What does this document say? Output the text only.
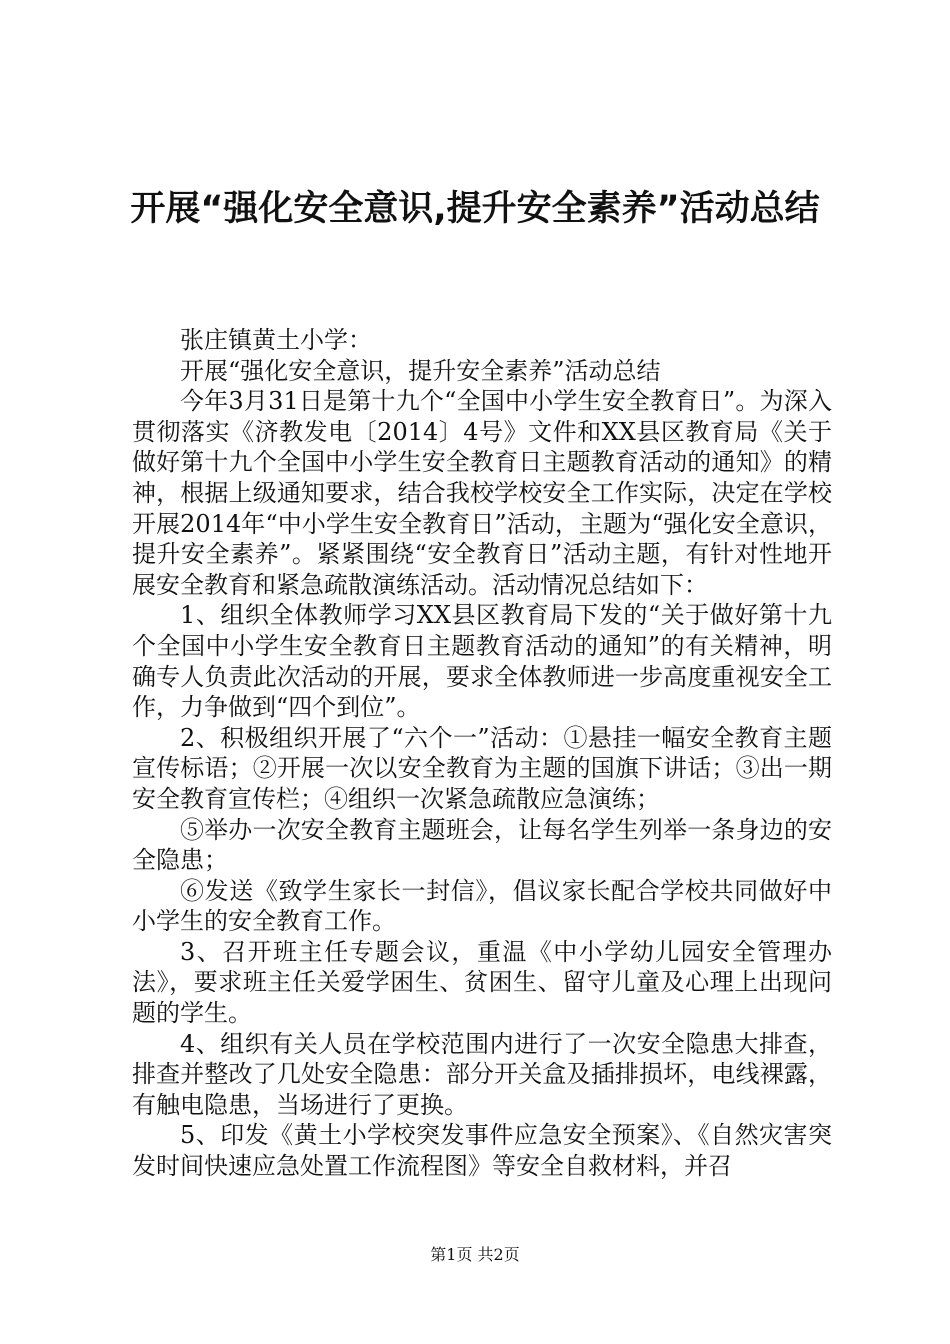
开展“强化安全意识,提升安全素养”活动总结

张庄镇黄土小学：

开展“强化安全意识，提升安全素养”活动总结

今年3月31日是第十九个“全国中小学生安全教育日”。为深入贯彻落实《济教发电〔2014〕4号》文件和XX县区教育局《关于做好第十九个全国中小学生安全教育日主题教育活动的通知》的精神，根据上级通知要求，结合我校学校安全工作实际，决定在学校开展2014年“中小学生安全教育日”活动，主题为“强化安全意识，提升安全素养”。紧紧围绕“安全教育日”活动主题，有针对性地开展安全教育和紧急疏散演练活动。活动情况总结如下：

1、组织全体教师学习XX县区教育局下发的“关于做好第十九个全国中小学生安全教育日主题教育活动的通知”的有关精神，明确专人负责此次活动的开展，要求全体教师进一步高度重视安全工作，力争做到“四个到位”。

2、积极组织开展了“六个一”活动：①悬挂一幅安全教育主题宣传标语；②开展一次以安全教育为主题的国旗下讲话；③出一期安全教育宣传栏；④组织一次紧急疏散应急演练；

⑤举办一次安全教育主题班会，让每名学生列举一条身边的安全隐患；

⑥发送《致学生家长一封信》，倡议家长配合学校共同做好中小学生的安全教育工作。

3、召开班主任专题会议，重温《中小学幼儿园安全管理办法》，要求班主任关爱学困生、贫困生、留守儿童及心理上出现问题的学生。

4、组织有关人员在学校范围内进行了一次安全隐患大排查，排查并整改了几处安全隐患：部分开关盒及插排损坏，电线裸露，有触电隐患，当场进行了更换。

5、印发《黄土小学校突发事件应急安全预案》、《自然灾害突发时间快速应急处置工作流程图》等安全自救材料，并召

第1页 共2页
